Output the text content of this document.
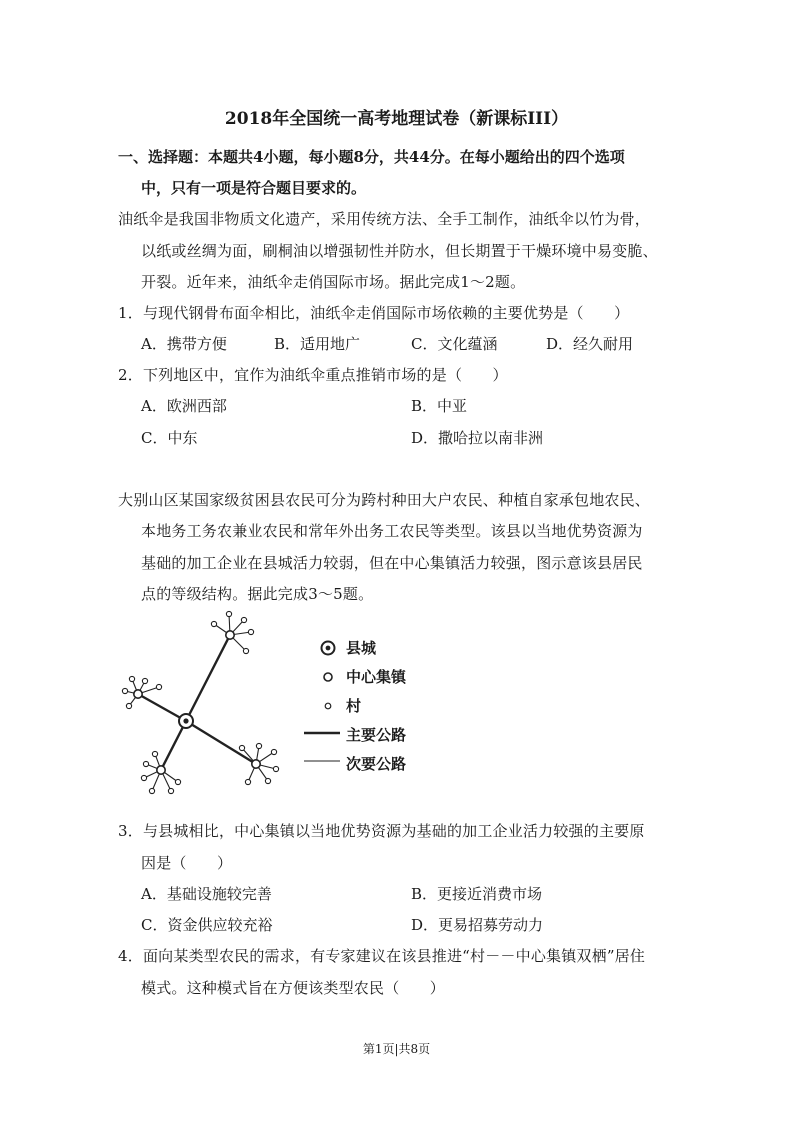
2018年全国统一高考地理试卷（新课标III）
一、选择题：本题共4小题，每小题8分，共44分。在每小题给出的四个选项
中，只有一项是符合题目要求的。
油纸伞是我国非物质文化遗产，采用传统方法、全手工制作，油纸伞以竹为骨，
以纸或丝绸为面，刷桐油以增强韧性并防水，但长期置于干燥环境中易变脆、
开裂。近年来，油纸伞走俏国际市场。据此完成1～2题。
1．与现代钢骨布面伞相比，油纸伞走俏国际市场依赖的主要优势是（　　）
A．携带方便	B．适用地广	C．文化蕴涵	D．经久耐用
2．下列地区中，宜作为油纸伞重点推销市场的是（　　）
A．欧洲西部	B．中亚
C．中东	D．撒哈拉以南非洲
大别山区某国家级贫困县农民可分为跨村种田大户农民、种植自家承包地农民、
本地务工务农兼业农民和常年外出务工农民等类型。该县以当地优势资源为
基础的加工企业在县城活力较弱，但在中心集镇活力较强，图示意该县居民
点的等级结构。据此完成3～5题。
县城
中心集镇
村
主要公路
次要公路
3．与县城相比，中心集镇以当地优势资源为基础的加工企业活力较强的主要原
因是（　　）
A．基础设施较完善	B．更接近消费市场
C．资金供应较充裕	D．更易招募劳动力
4．面向某类型农民的需求，有专家建议在该县推进“村－－中心集镇双栖”居住
模式。这种模式旨在方便该类型农民（　　）
第1页|共8页
